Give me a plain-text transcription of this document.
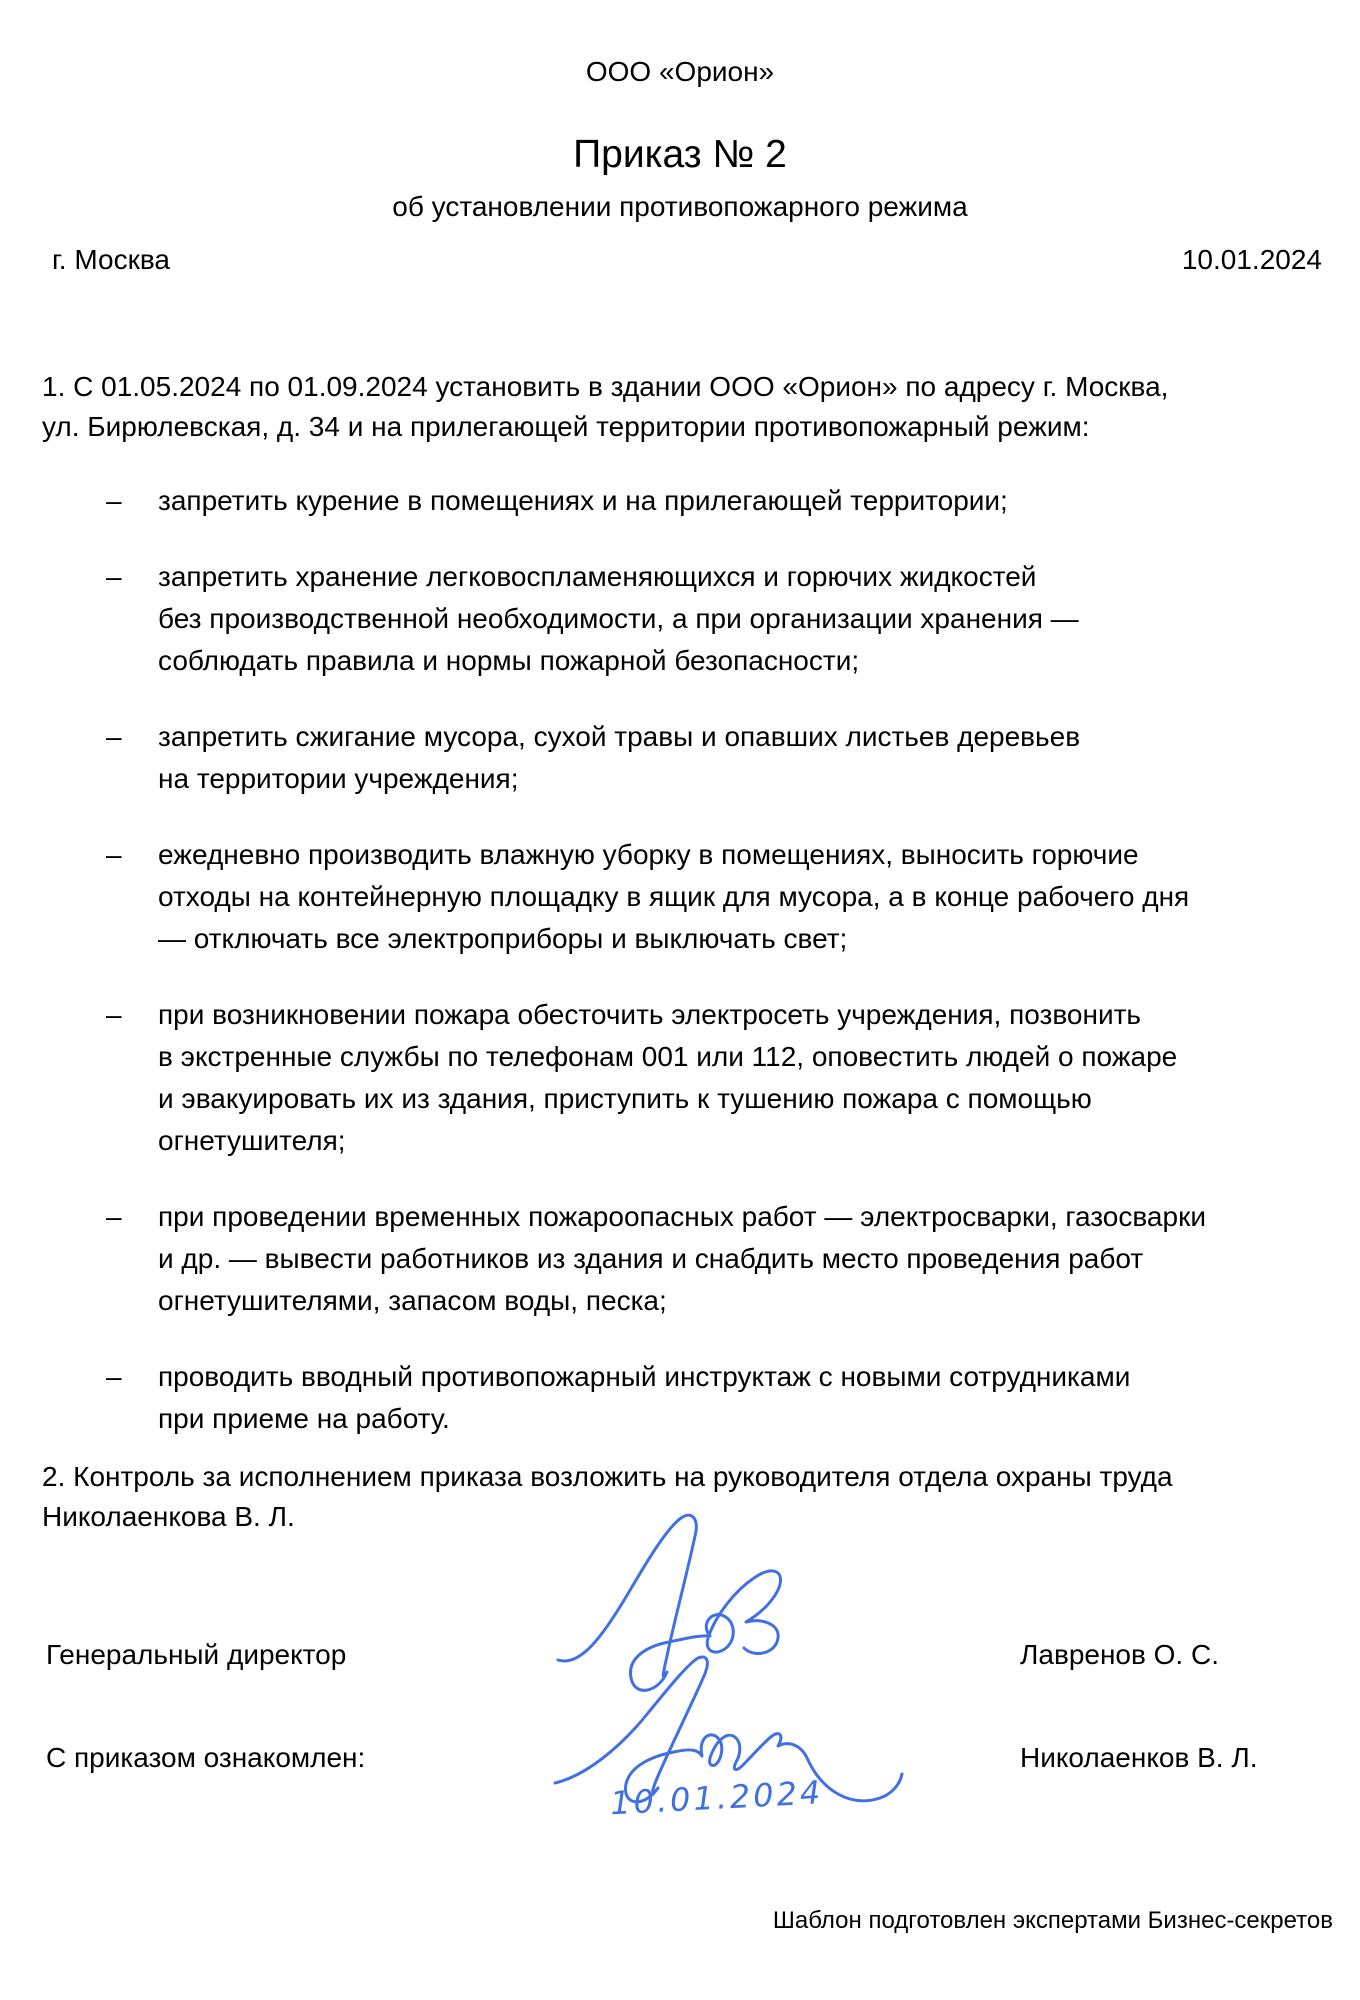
ООО «Орион»
Приказ № 2
об установлении противопожарного режима
г. Москва	10.01.2024
1. С 01.05.2024 по 01.09.2024 установить в здании ООО «Орион» по адресу г. Москва,
ул. Бирюлевская, д. 34 и на прилегающей территории противопожарный режим:
– запретить курение в помещениях и на прилегающей территории;
– запретить хранение легковоспламеняющихся и горючих жидкостей
без производственной необходимости, а при организации хранения —
соблюдать правила и нормы пожарной безопасности;
– запретить сжигание мусора, сухой травы и опавших листьев деревьев
на территории учреждения;
– ежедневно производить влажную уборку в помещениях, выносить горючие
отходы на контейнерную площадку в ящик для мусора, а в конце рабочего дня
— отключать все электроприборы и выключать свет;
– при возникновении пожара обесточить электросеть учреждения, позвонить
в экстренные службы по телефонам 001 или 112, оповестить людей о пожаре
и эвакуировать их из здания, приступить к тушению пожара с помощью
огнетушителя;
– при проведении временных пожароопасных работ — электросварки, газосварки
и др. — вывести работников из здания и снабдить место проведения работ
огнетушителями, запасом воды, песка;
– проводить вводный противопожарный инструктаж с новыми сотрудниками
при приеме на работу.
2. Контроль за исполнением приказа возложить на руководителя отдела охраны труда
Николаенкова В. Л.
Генеральный директор	Лавренов О. С.
С приказом ознакомлен:	Николаенков В. Л.
10.01.2024
Шаблон подготовлен экспертами Бизнес-секретов
